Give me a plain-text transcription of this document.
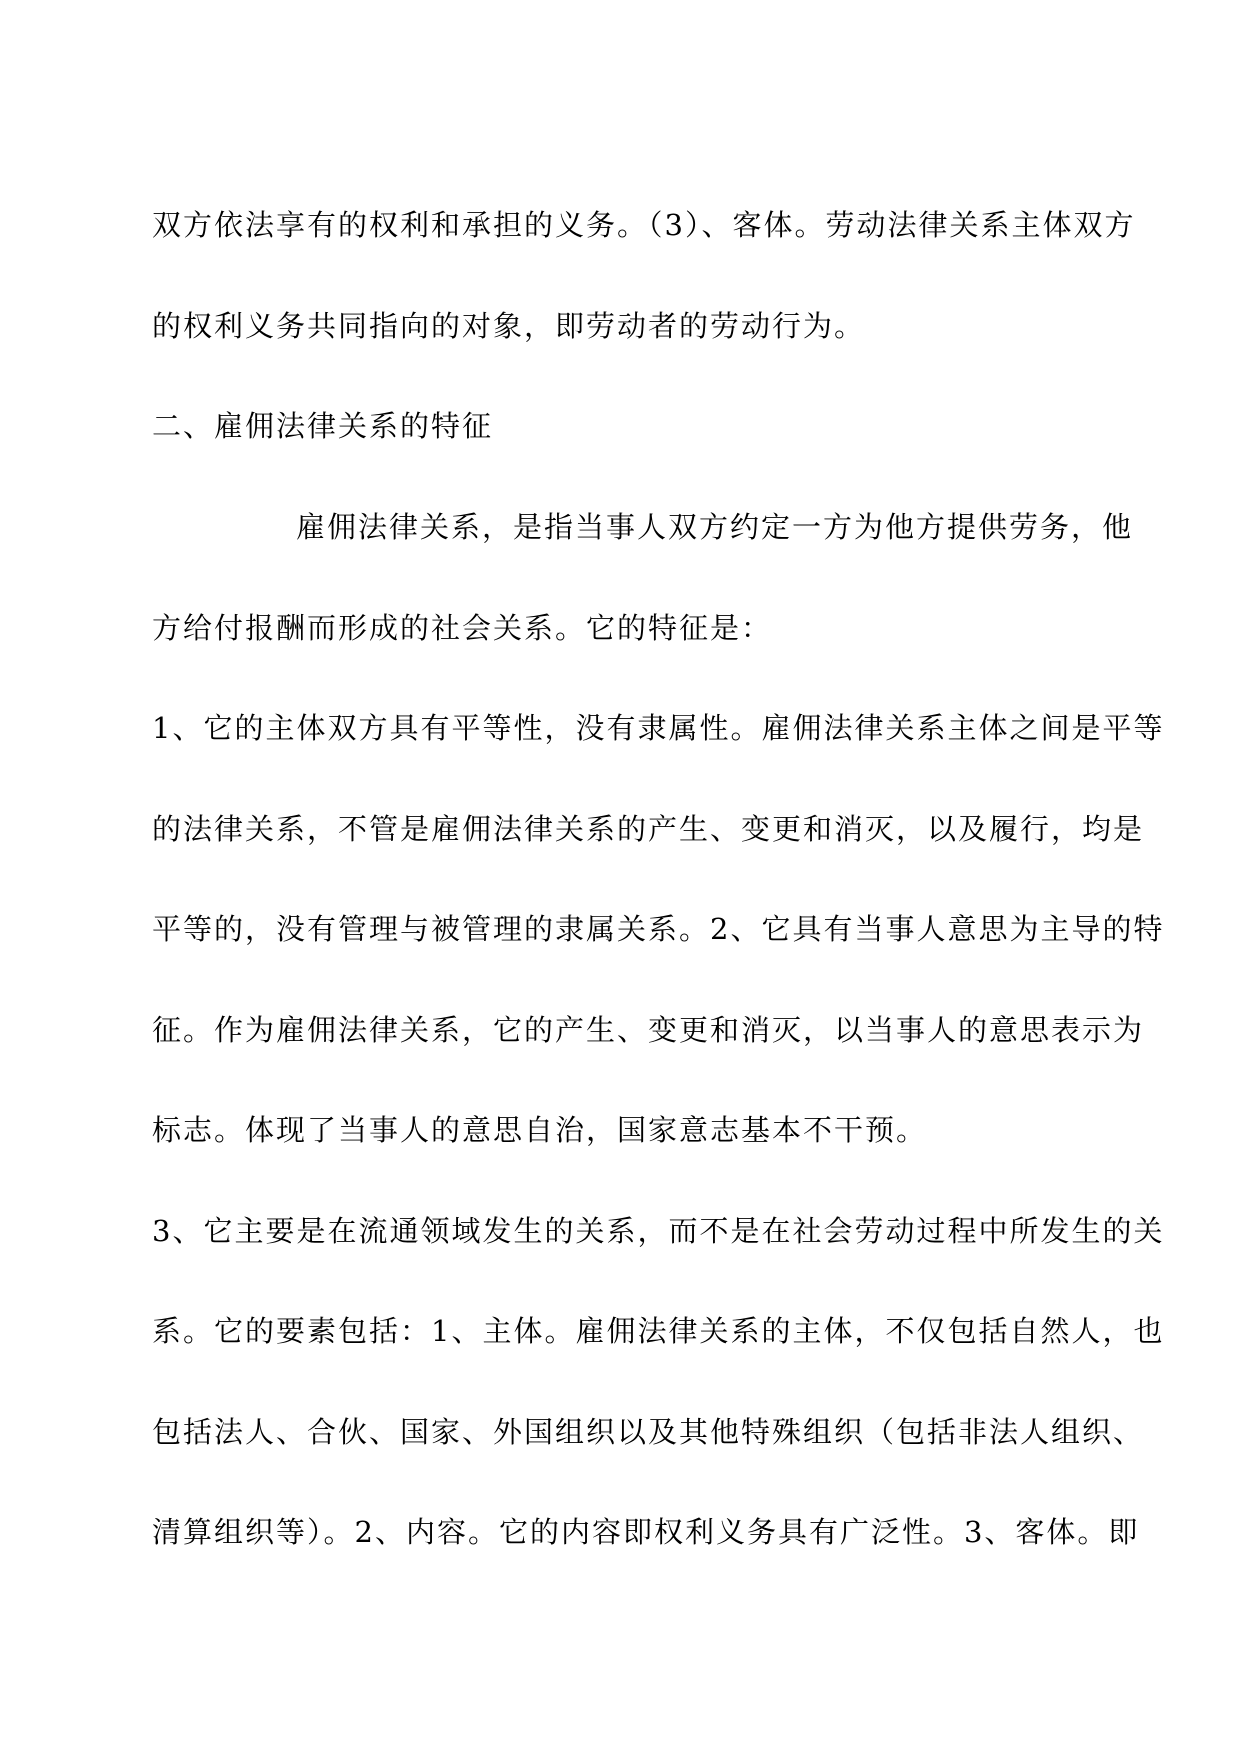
双方依法享有的权利和承担的义务。（3）、客体。劳动法律关系主体双方
的权利义务共同指向的对象，即劳动者的劳动行为。
二、雇佣法律关系的特征
雇佣法律关系，是指当事人双方约定一方为他方提供劳务，他
方给付报酬而形成的社会关系。它的特征是：
1、它的主体双方具有平等性，没有隶属性。雇佣法律关系主体之间是平等
的法律关系，不管是雇佣法律关系的产生、变更和消灭，以及履行，均是
平等的，没有管理与被管理的隶属关系。2、它具有当事人意思为主导的特
征。作为雇佣法律关系，它的产生、变更和消灭，以当事人的意思表示为
标志。体现了当事人的意思自治，国家意志基本不干预。
3、它主要是在流通领域发生的关系，而不是在社会劳动过程中所发生的关
系。它的要素包括：1、主体。雇佣法律关系的主体，不仅包括自然人，也
包括法人、合伙、国家、外国组织以及其他特殊组织（包括非法人组织、
清算组织等）。2、内容。它的内容即权利义务具有广泛性。3、客体。即
